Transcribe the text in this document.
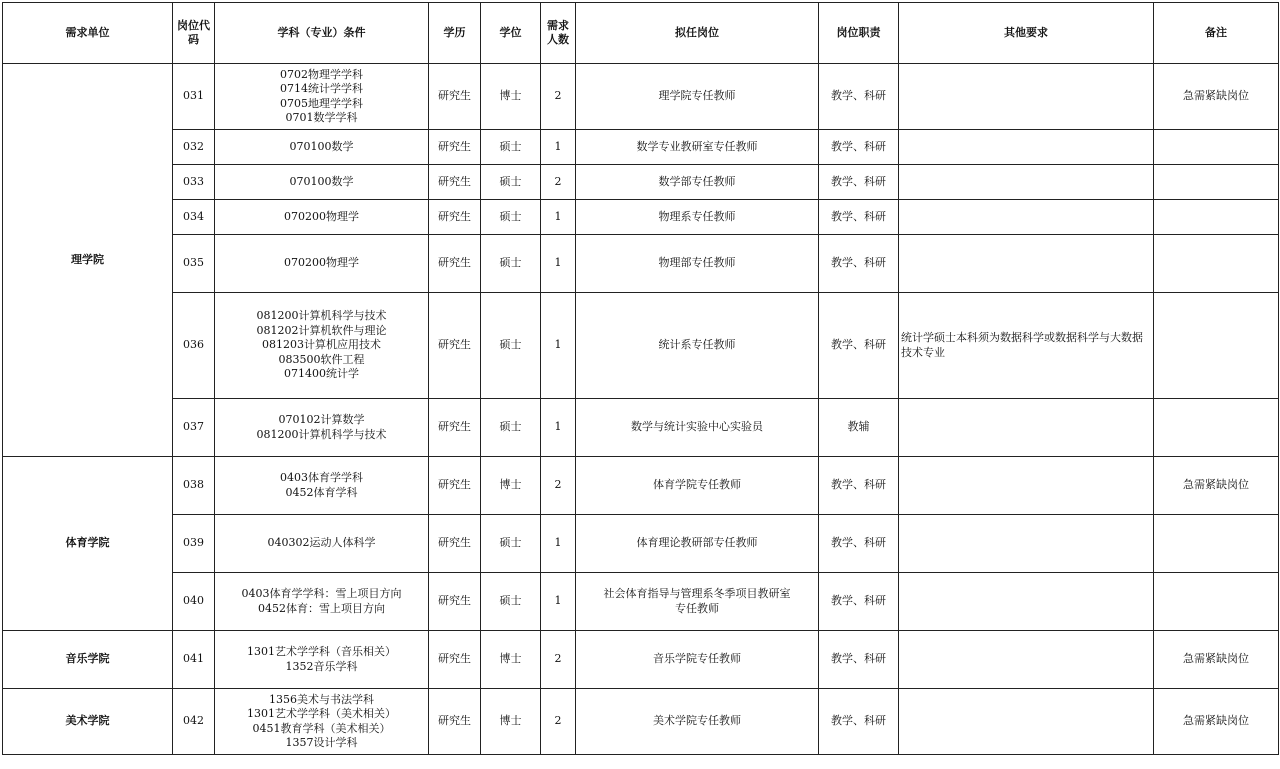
需求单位	岗位代码	学科（专业）条件	学历	学位	需求人数	拟任岗位	岗位职责	其他要求	备注
理学院	031	0702物理学学科
0714统计学学科
0705地理学学科
0701数学学科	研究生	博士	2	理学院专任教师	教学、科研		急需紧缺岗位
	032	070100数学	研究生	硕士	1	数学专业教研室专任教师	教学、科研		
	033	070100数学	研究生	硕士	2	数学部专任教师	教学、科研		
	034	070200物理学	研究生	硕士	1	物理系专任教师	教学、科研		
	035	070200物理学	研究生	硕士	1	物理部专任教师	教学、科研		
	036	081200计算机科学与技术
081202计算机软件与理论
081203计算机应用技术
083500软件工程
071400统计学	研究生	硕士	1	统计系专任教师	教学、科研	统计学硕士本科须为数据科学或数据科学与大数据技术专业	
	037	070102计算数学
081200计算机科学与技术	研究生	硕士	1	数学与统计实验中心实验员	教辅		
体育学院	038	0403体育学学科
0452体育学科	研究生	博士	2	体育学院专任教师	教学、科研		急需紧缺岗位
	039	040302运动人体科学	研究生	硕士	1	体育理论教研部专任教师	教学、科研		
	040	0403体育学学科：雪上项目方向
0452体育：雪上项目方向	研究生	硕士	1	社会体育指导与管理系冬季项目教研室
专任教师	教学、科研		
音乐学院	041	1301艺术学学科（音乐相关）
1352音乐学科	研究生	博士	2	音乐学院专任教师	教学、科研		急需紧缺岗位
美术学院	042	1356美术与书法学科
1301艺术学学科（美术相关）
0451教育学科（美术相关）
1357设计学科	研究生	博士	2	美术学院专任教师	教学、科研		急需紧缺岗位
